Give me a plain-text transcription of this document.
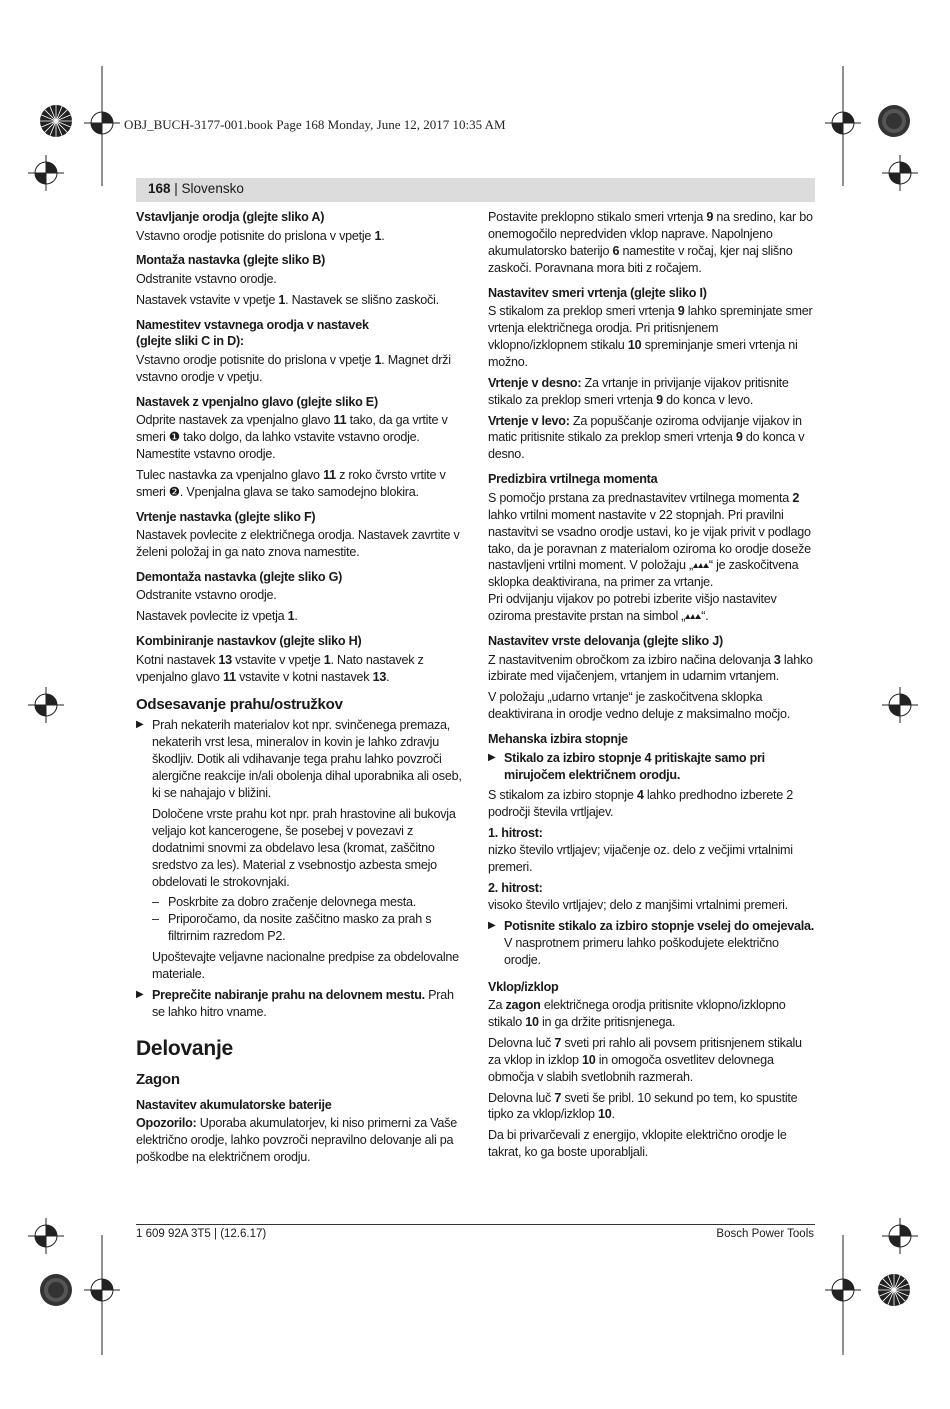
OBJ_BUCH-3177-001.book Page 168 Monday, June 12, 2017 10:35 AM
168 | Slovensko
Vstavljanje orodja (glejte sliko A)

Vstavno orodje potisnite do prislona v vpetje 1.

Montaža nastavka (glejte sliko B)

Odstranite vstavno orodje.

Nastavek vstavite v vpetje 1. Nastavek se slišno zaskoči.

Namestitev vstavnega orodja v nastavek
(glejte sliki C in D):

Vstavno orodje potisnite do prislona v vpetje 1. Magnet drži vstavno orodje v vpetju.

Nastavek z vpenjalno glavo (glejte sliko E)

Odprite nastavek za vpenjalno glavo 11 tako, da ga vrtite v smeri ❶ tako dolgo, da lahko vstavite vstavno orodje. Namestite vstavno orodje.

Tulec nastavka za vpenjalno glavo 11 z roko čvrsto vrtite v smeri ❷. Vpenjalna glava se tako samodejno blokira.

Vrtenje nastavka (glejte sliko F)

Nastavek povlecite z električnega orodja. Nastavek zavrtite v želeni položaj in ga nato znova namestite.

Demontaža nastavka (glejte sliko G)

Odstranite vstavno orodje.

Nastavek povlecite iz vpetja 1.

Kombiniranje nastavkov (glejte sliko H)

Kotni nastavek 13 vstavite v vpetje 1. Nato nastavek z vpenjalno glavo 11 vstavite v kotni nastavek 13.

Odsesavanje prahu/ostružkov
▶ Prah nekaterih materialov kot npr. svinčenega premaza, nekaterih vrst lesa, mineralov in kovin je lahko zdravju škodljiv. Dotik ali vdihavanje tega prahu lahko povzroči alergične reakcije in/ali obolenja dihal uporabnika ali oseb, ki se nahajajo v bližini.
Določene vrste prahu kot npr. prah hrastovine ali bukovja veljajo kot kancerogene, še posebej v povezavi z dodatnimi snovmi za obdelavo lesa (kromat, zaščitno sredstvo za les). Material z vsebnostjo azbesta smejo obdelovati le strokovnjaki.
– Poskrbite za dobro zračenje delovnega mesta.
– Priporočamo, da nosite zaščitno masko za prah s filtrirnim razredom P2.
Upoštevajte veljavne nacionalne predpise za obdelovalne materiale.
▶ Preprečite nabiranje prahu na delovnem mestu. Prah se lahko hitro vname.
Delovanje
Zagon
Nastavitev akumulatorske baterije

Opozorilo: Uporaba akumulatorjev, ki niso primerni za Vaše električno orodje, lahko povzroči nepravilno delovanje ali pa poškodbe na električnem orodju.

Postavite preklopno stikalo smeri vrtenja 9 na sredino, kar bo onemogočilo nepredviden vklop naprave. Napolnjeno akumulatorsko baterijo 6 namestite v ročaj, kjer naj slišno zaskoči. Poravnana mora biti z ročajem.

Nastavitev smeri vrtenja (glejte sliko I)

S stikalom za preklop smeri vrtenja 9 lahko spreminjate smer vrtenja električnega orodja. Pri pritisnjenem vklopno/izklopnem stikalu 10 spreminjanje smeri vrtenja ni možno.

Vrtenje v desno: Za vrtanje in privijanje vijakov pritisnite stikalo za preklop smeri vrtenja 9 do konca v levo.

Vrtenje v levo: Za popuščanje oziroma odvijanje vijakov in matic pritisnite stikalo za preklop smeri vrtenja 9 do konca v desno.

Predizbira vrtilnega momenta

S pomočjo prstana za prednastavitev vrtilnega momenta 2 lahko vrtilni moment nastavite v 22 stopnjah. Pri pravilni nastavitvi se vsadno orodje ustavi, ko je vijak privit v podlago tako, da je poravnan z materialom oziroma ko orodje doseže nastavljeni vrtilni moment. V položaju „ “ je zaskočitvena sklopka deaktivirana, na primer za vrtanje.

Pri odvijanju vijakov po potrebi izberite višjo nastavitev oziroma prestavite prstan na simbol „ “.

Nastavitev vrste delovanja (glejte sliko J)

Z nastavitvenim obročkom za izbiro načina delovanja 3 lahko izbirate med vijačenjem, vrtanjem in udarnim vrtanjem.

V položaju „udarno vrtanje“ je zaskočitvena sklopka deaktivirana in orodje vedno deluje z maksimalno močjo.

Mehanska izbira stopnje
▶ Stikalo za izbiro stopnje 4 pritiskajte samo pri mirujočem električnem orodju.

S stikalom za izbiro stopnje 4 lahko predhodno izberete 2 področji števila vrtljajev.

1. hitrost:
nizko število vrtljajev; vijačenje oz. delo z večjimi vrtalnimi premeri.

2. hitrost:
visoko število vrtljajev; delo z manjšimi vrtalnimi premeri.

▶ Potisnite stikalo za izbiro stopnje vselej do omejevala. V nasprotnem primeru lahko poškodujete električno orodje.
Vklop/izklop

Za zagon električnega orodja pritisnite vklopno/izklopno stikalo 10 in ga držite pritisnjenega.

Delovna luč 7 sveti pri rahlo ali povsem pritisnjenem stikalu za vklop in izklop 10 in omogoča osvetlitev delovnega območja v slabih svetlobnih razmerah.

Delovna luč 7 sveti še pribl. 10 sekund po tem, ko spustite tipko za vklop/izklop 10.

Da bi privarčevali z energijo, vklopite električno orodje le takrat, ko ga boste uporabljali.

1 609 92A 3T5 | (12.6.17)	Bosch Power Tools
